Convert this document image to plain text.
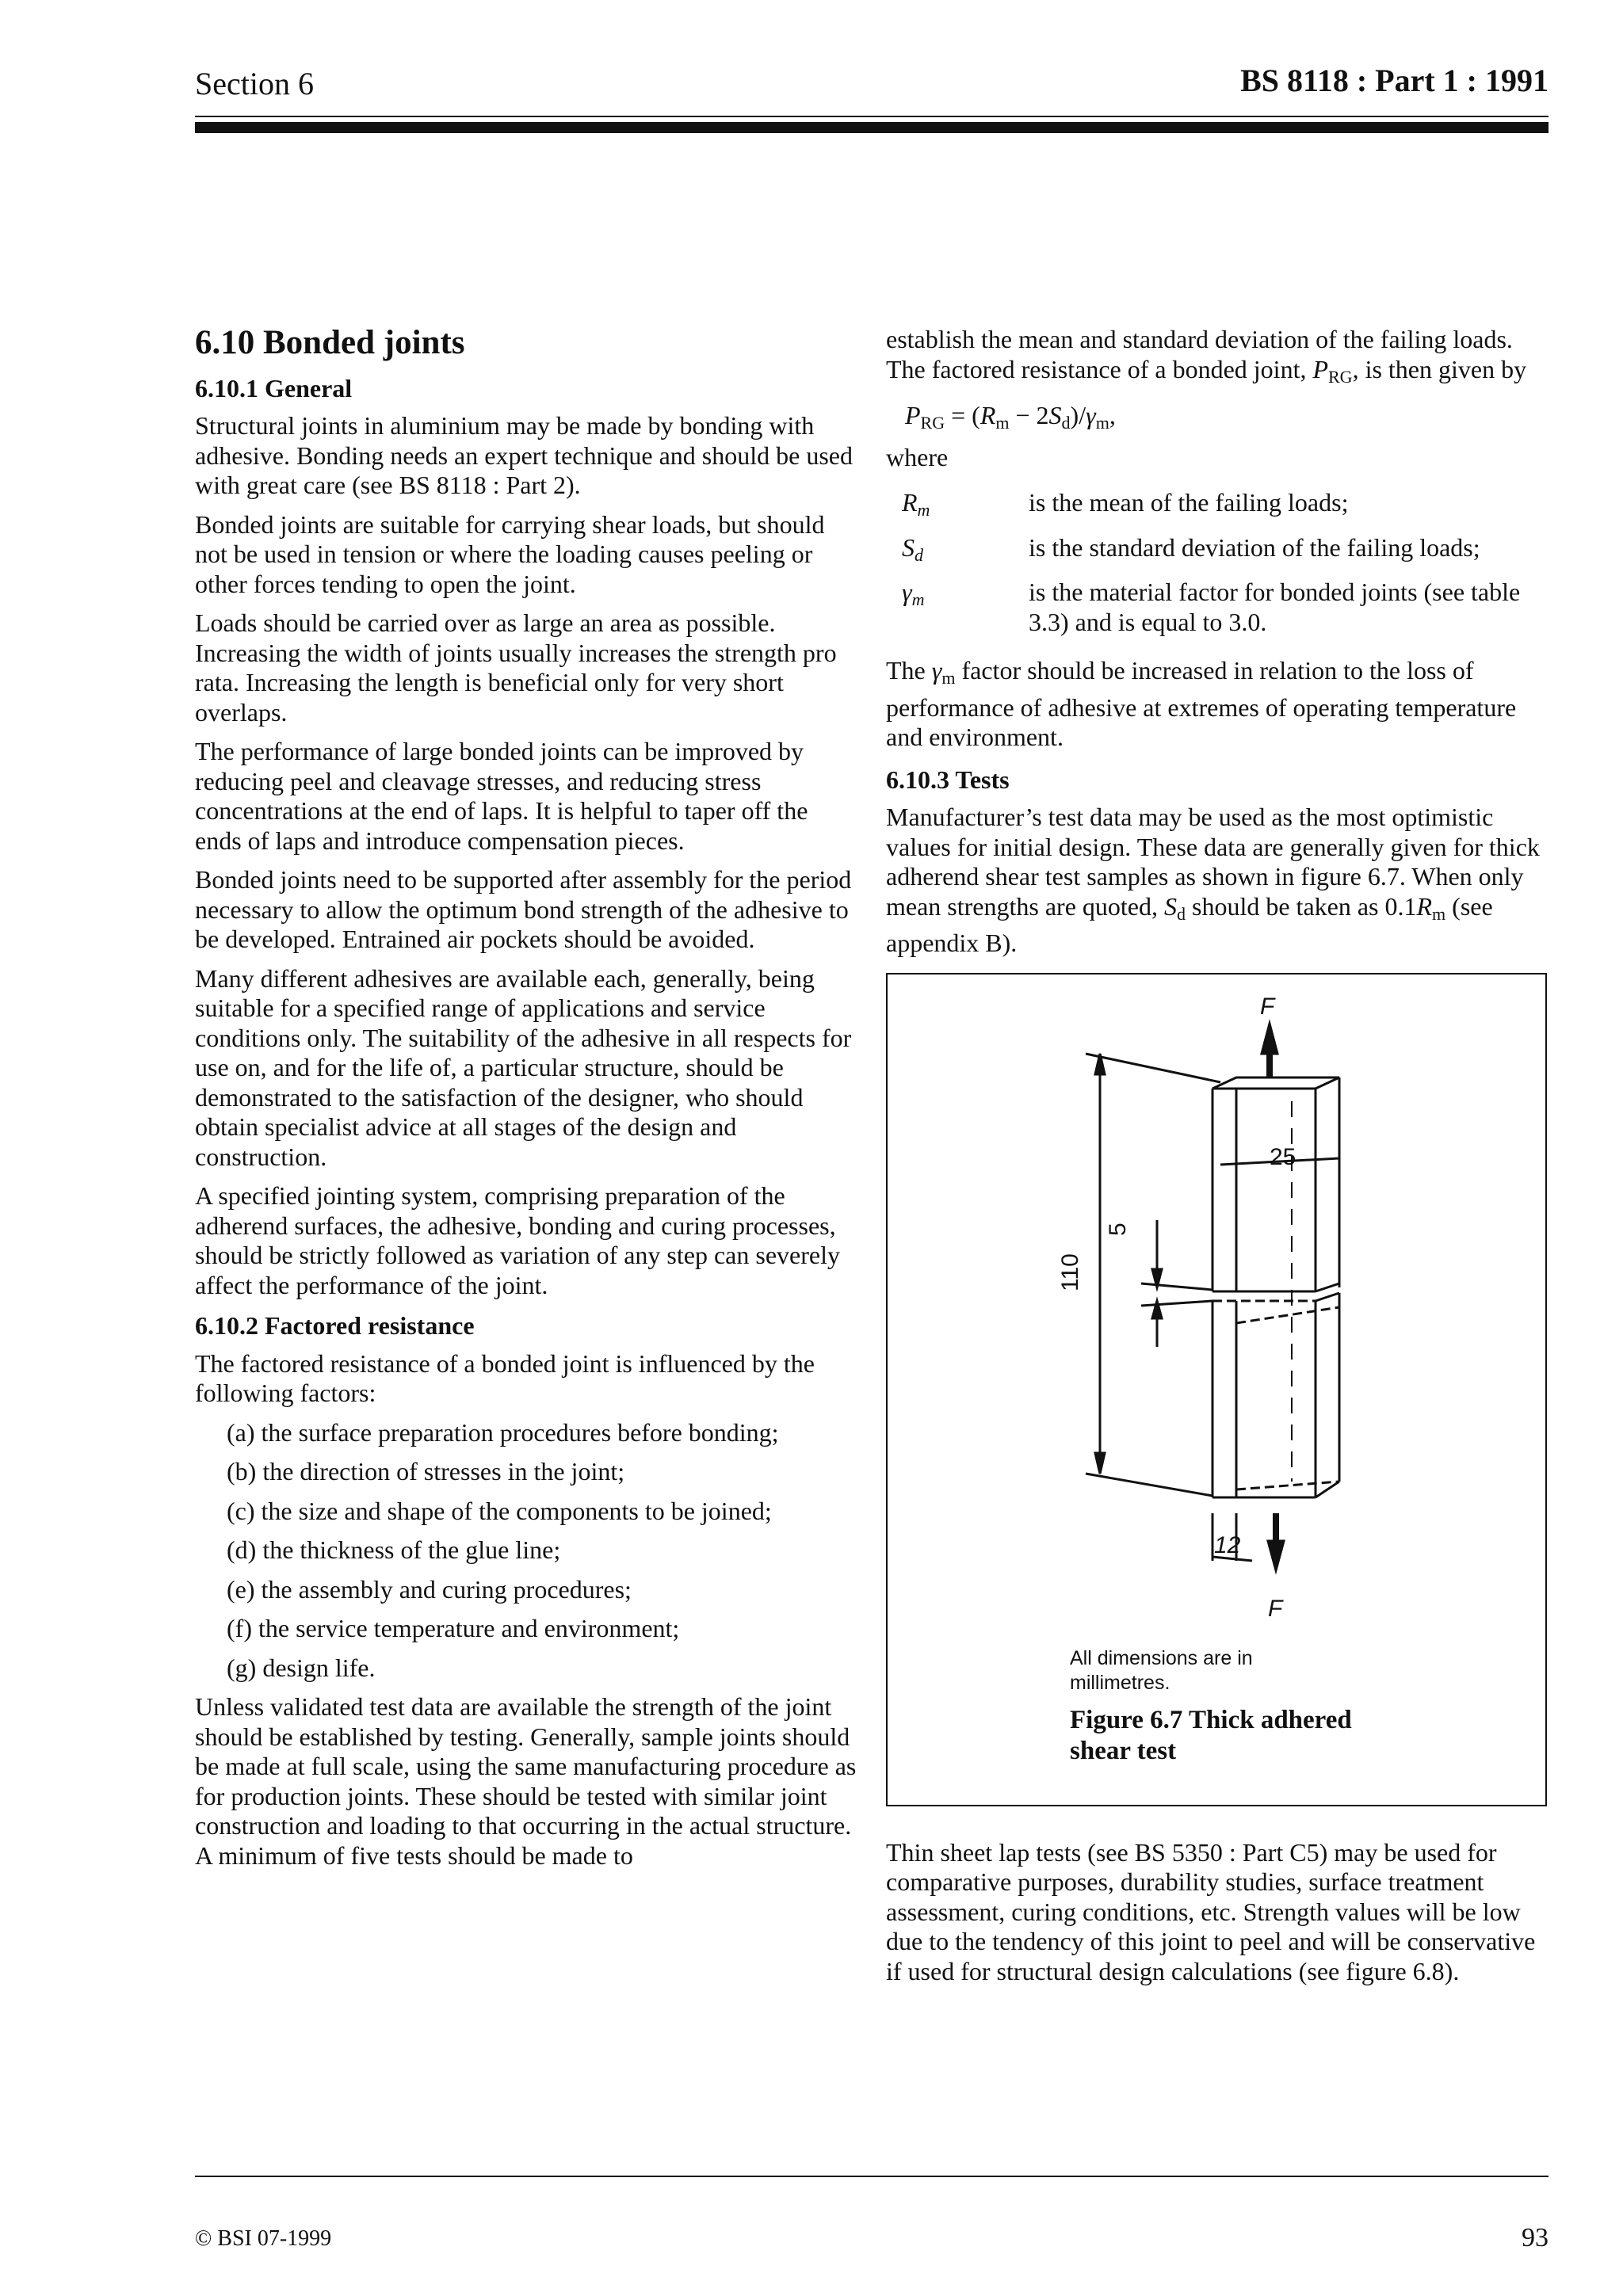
Section 6	BS 8118 : Part 1 : 1991
6.10 Bonded joints
6.10.1 General

Structural joints in aluminium may be made by bonding with adhesive. Bonding needs an expert technique and should be used with great care (see BS 8118 : Part 2).

Bonded joints are suitable for carrying shear loads, but should not be used in tension or where the loading causes peeling or other forces tending to open the joint.

Loads should be carried over as large an area as possible. Increasing the width of joints usually increases the strength pro rata. Increasing the length is beneficial only for very short overlaps.

The performance of large bonded joints can be improved by reducing peel and cleavage stresses, and reducing stress concentrations at the end of laps. It is helpful to taper off the ends of laps and introduce compensation pieces.

Bonded joints need to be supported after assembly for the period necessary to allow the optimum bond strength of the adhesive to be developed. Entrained air pockets should be avoided.

Many different adhesives are available each, generally, being suitable for a specified range of applications and service conditions only. The suitability of the adhesive in all respects for use on, and for the life of, a particular structure, should be demonstrated to the satisfaction of the designer, who should obtain specialist advice at all stages of the design and construction.

A specified jointing system, comprising preparation of the adherend surfaces, the adhesive, bonding and curing processes, should be strictly followed as variation of any step can severely affect the performance of the joint.

6.10.2 Factored resistance

The factored resistance of a bonded joint is influenced by the following factors:

(a) the surface preparation procedures before bonding;
(b) the direction of stresses in the joint;
(c) the size and shape of the components to be joined;
(d) the thickness of the glue line;
(e) the assembly and curing procedures;
(f) the service temperature and environment;
(g) design life.

Unless validated test data are available the strength of the joint should be established by testing. Generally, sample joints should be made at full scale, using the same manufacturing procedure as for production joints. These should be tested with similar joint construction and loading to that occurring in the actual structure. A minimum of five tests should be made to

establish the mean and standard deviation of the failing loads. The factored resistance of a bonded joint, $P_{RG}$, is then given by

$P_{RG} = (R_m - 2S_d)/\gamma_m$,
where
$R_m$	is the mean of the failing loads;
$S_d$	is the standard deviation of the failing loads;
$\gamma_m$	is the material factor for bonded joints (see table 3.3) and is equal to 3.0.

The $\gamma_m$ factor should be increased in relation to the loss of performance of adhesive at extremes of operating temperature and environment.

6.10.3 Tests

Manufacturer’s test data may be used as the most optimistic values for initial design. These data are generally given for thick adherend shear test samples as shown in figure 6.7. When only mean strengths are quoted, $S_d$ should be taken as $0.1R_m$ (see appendix B).

F
25
5
110
12
F
All dimensions are in millimetres.
Figure 6.7 Thick adhered shear test

Thin sheet lap tests (see BS 5350 : Part C5) may be used for comparative purposes, durability studies, surface treatment assessment, curing conditions, etc. Strength values will be low due to the tendency of this joint to peel and will be conservative if used for structural design calculations (see figure 6.8).

© BSI 07-1999	93
